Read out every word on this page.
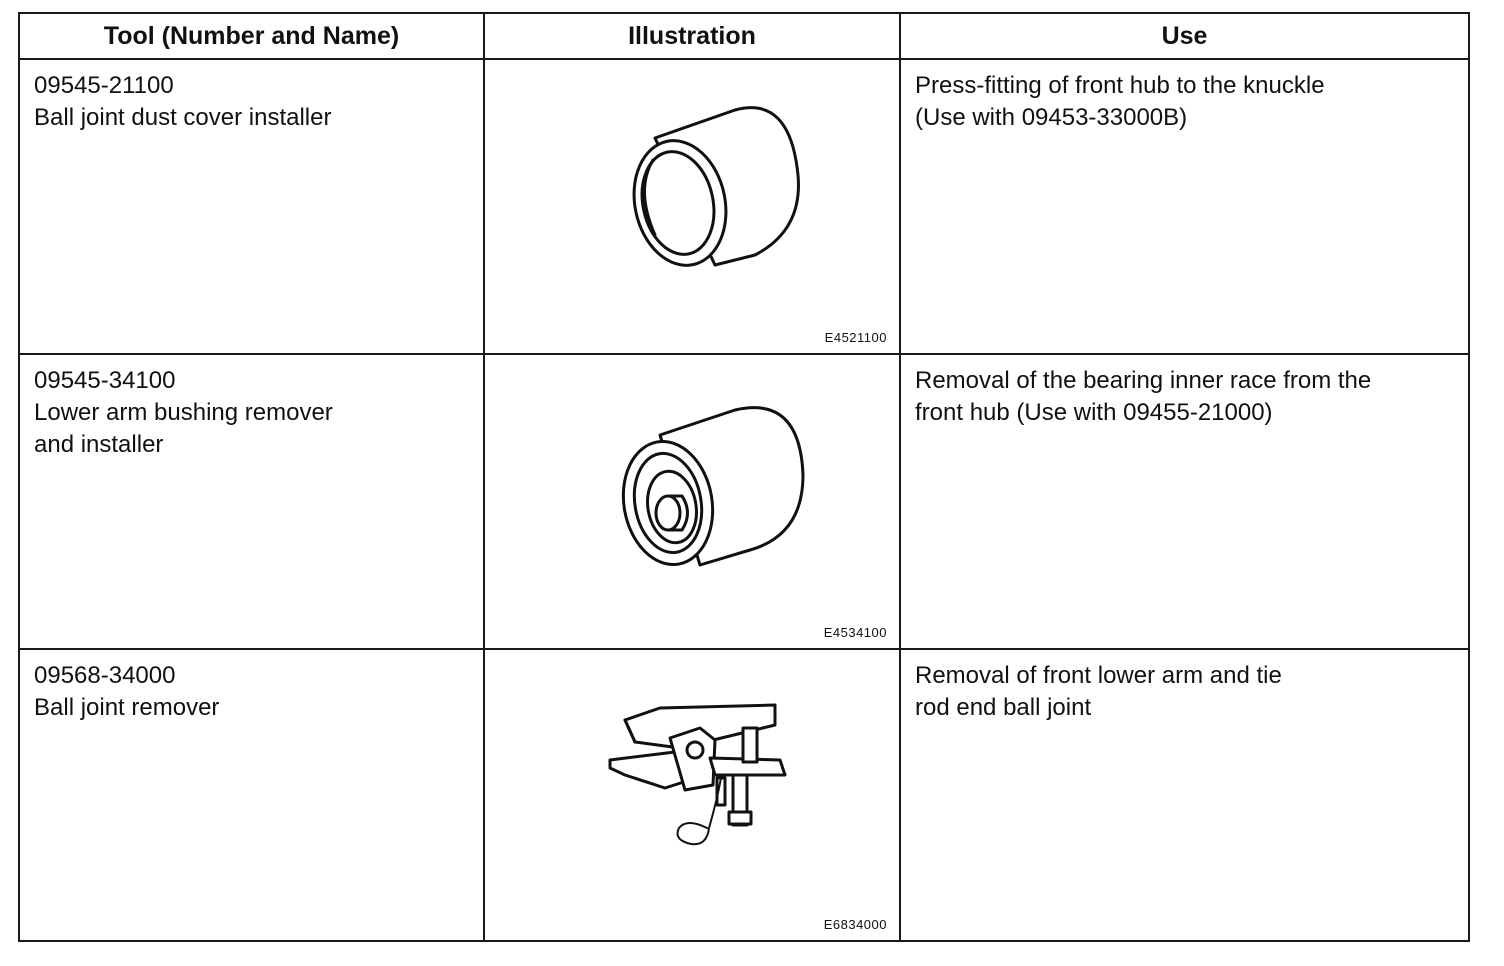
Tool (Number and Name)	Illustration	Use

09545-21100
Ball joint dust cover installer	E4521100	Press-fitting of front hub to the knuckle
(Use with 09453-33000B)

09545-34100
Lower arm bushing remover
and installer	E4534100	Removal of the bearing inner race from the
front hub (Use with 09455-21000)

09568-34000
Ball joint remover	E6834000	Removal of front lower arm and tie
rod end ball joint
